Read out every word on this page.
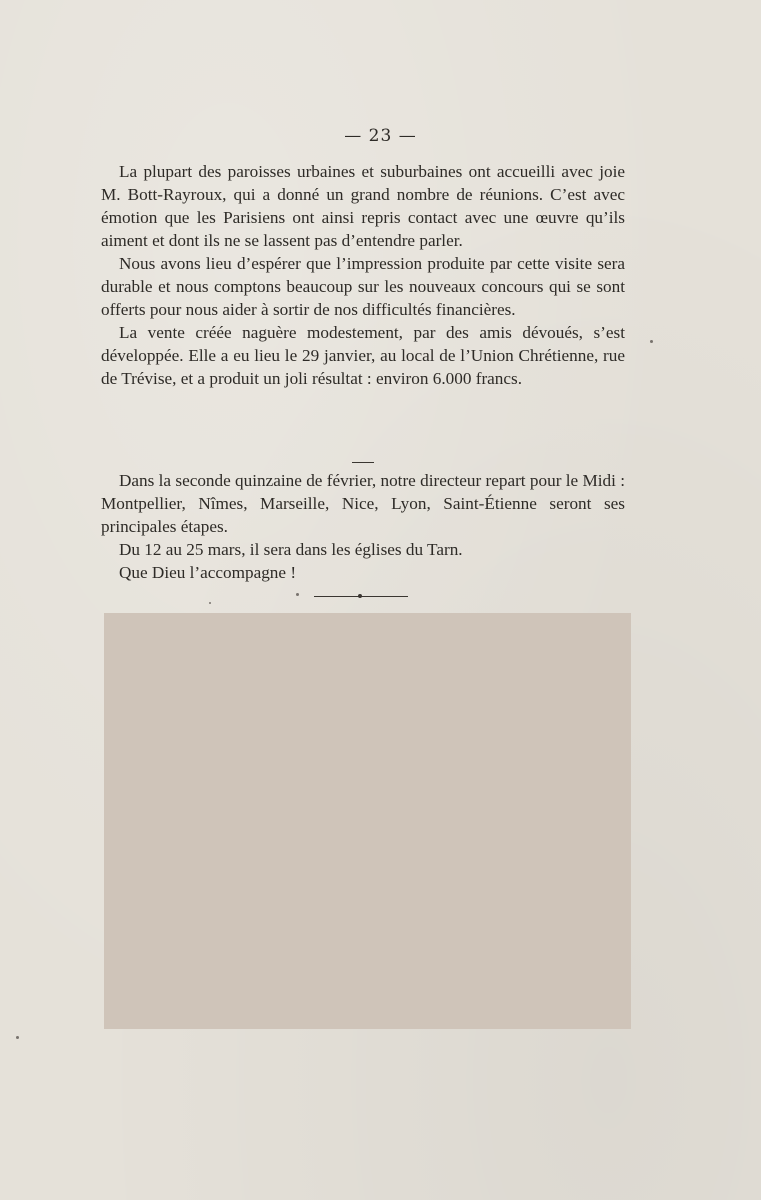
— 23 —

La plupart des paroisses urbaines et suburbaines ont accueilli avec joie M. Bott-Rayroux, qui a donné un grand nombre de réunions. C’est avec émotion que les Parisiens ont ainsi repris contact avec une œuvre qu’ils aiment et dont ils ne se lassent pas d’entendre parler.

Nous avons lieu d’espérer que l’impression produite par cette visite sera durable et nous comptons beaucoup sur les nouveaux concours qui se sont offerts pour nous aider à sortir de nos difficultés financières.

La vente créée naguère modestement, par des amis dévoués, s’est développée. Elle a eu lieu le 29 janvier, au local de l’Union Chrétienne, rue de Trévise, et a produit un joli résultat : environ 6.000 francs.

Dans la seconde quinzaine de février, notre directeur repart pour le Midi : Montpellier, Nîmes, Marseille, Nice, Lyon, Saint-Étienne seront ses principales étapes.

Du 12 au 25 mars, il sera dans les églises du Tarn.

Que Dieu l’accompagne !
